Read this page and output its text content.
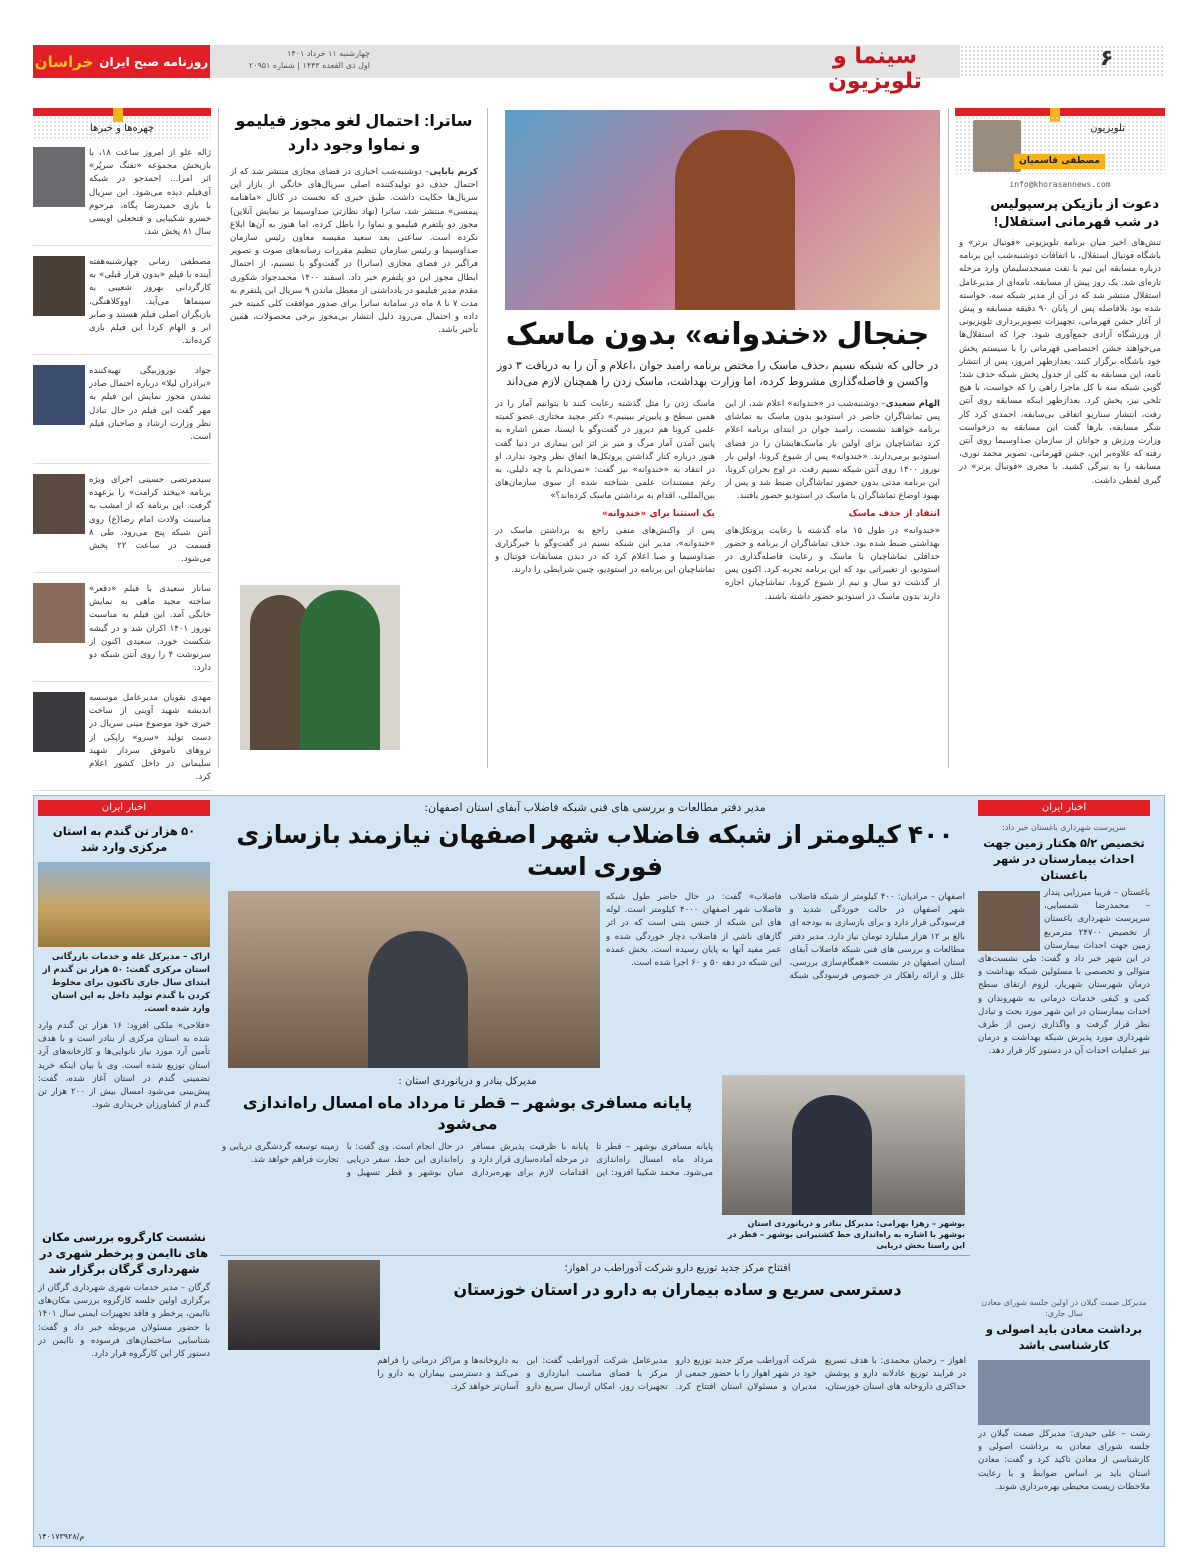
روزنامه صبح ایران
خراسان	چهارشنبه ۱۱ خرداد ۱۴۰۱
اول ذی القعده ۱۴۴۳ | شماره ۲۰۹۵۱	سینما و تلویزیون
۶
تلویزیون
مصطفی قاسمیان
info@khorasannews.com
دعوت از بازیکن پرسپولیس در شب قهرمانی استقلال!
تنش‌های اخیر میان برنامه تلویزیونی «فوتبال برتر» و باشگاه فوتبال استقلال، با اتفاقات دوشنبه‌شب این برنامه درباره مسابقه این تیم با نفت مسجدسلیمان وارد مرحله تازه‌ای شد. یک روز پیش از مسابقه، نامه‌ای از مدیرعامل استقلال منتشر شد که در آن از مدیر شبکه سه، خواسته شده بود بلافاصله پس از پایان ۹۰ دقیقه مسابقه و پیش از آغاز جشن قهرمانی، تجهیزات تصویربرداری تلویزیونی از ورزشگاه آزادی جمع‌آوری شود. چرا که استقلال‌ها می‌خواهند جشن اختصاصی قهرمانی را با سیستم پخش خود باشگاه برگزار کنند. بعدازظهر امروز، پس از انتشار نامه، این مسابقه به کلی از جدول پخش شبکه حذف شد؛ گویی شبکه سه با کل ماجرا راهی را که خواست، با هیچ تلخی نیز، پخش کرد. بعدازظهر اینکه مسابقه روی آنتن رفت، انتشار سناریو اتفاقی بی‌سابقه، احمدی کرد کار شگر مسابقه، بارها گفت این مسابقه به درخواست وزارت ورزش و جوانان از سازمان صداوسیما روی آنتن رفته که علاوه‌بر این، جشن قهرمانی، تصویر محمد نوری، مسابقه را به تیرگی کشید. با مجری «فوتبال برتر» در گیری لفظی داشت.
جنجال «خندوانه» بدون ماسک
در حالی که شبکه نسیم ،حذف ماسک را مختص برنامه رامبد جوان ،اعلام و آن را به دریافت ۳ دوز واکسن و فاصله‌گذاری مشروط کرده، اما وزارت بهداشت، ماسک زدن را همچنان لازم می‌داند
الهام سعیدی– دوشنبه‌شب در «خندوانه» اعلام شد، از این پس تماشاگران حاضر در استودیو بدون ماسک به تماشای برنامه خواهند نشست. رامبد جوان در ابتدای برنامه اعلام کرد تماشاچیان برای اولین بار ماسک‌هایشان را در فضای استودیو برمی‌دارند. «خندوانه» پس از شیوع کرونا، اولین بار نوروز ۱۴۰۰ روی آنتن شبکه نسیم رفت. در اوج بحران کرونا، این برنامه مدتی بدون حضور تماشاگران ضبط شد و پس از بهبود اوضاع تماشاگران با ماسک در استودیو حضور یافتند.
انتقاد از حذف ماسک
«خندوانه» در طول ۱۵ ماه گذشته با رعایت پروتکل‌های بهداشتی ضبط شده بود. حذف تماشاگران از برنامه و حضور حداقلی تماشاچیان با ماسک و رعایت فاصله‌گذاری در استودیو، از تغییراتی بود که این برنامه تجربه کرد. اکنون پس از گذشت دو سال و نیم از شیوع کرونا، تماشاچیان اجازه دارند بدون ماسک در استودیو حضور داشته باشند.
ماسک زدن را مثل گذشته رعایت کنند تا بتوانیم آمار را در همین سطح و پایین‌تر ببینیم.» دکتر مجید مختاری عضو کمیته علمی کرونا هم دیروز در گفت‌وگو با ایسنا، ضمن اشاره به پایین آمدن آمار مرگ و میر بر اثر این بیماری در دنیا گفت هنوز درباره کنار گذاشتن پروتکل‌ها اتفاق نظر وجود ندارد. او در انتقاد به «خندوانه» نیز گفت: «نمی‌دانم با چه دلیلی، به رغم مستندات علمی شناخته شده از سوی سازمان‌های بین‌المللی، اقدام به برداشتن ماسک کرده‌اند؟»
یک استثنا برای «خندوانه»
پس از واکنش‌های منفی راجع به برداشتن ماسک در «خندوانه»، مدیر این شبکه نسیم در گفت‌وگو با خبرگزاری صداوسیما و صبا اعلام کرد که در دیدن مسابقات فوتبال و تماشاچیان این برنامه در استودیو، چنین شرایطی را دارند.
ساترا: احتمال لغو مجوز فیلیمو و نماوا وجود دارد
کریم بابایی– دوشنبه‌شب اخباری در فضای مجازی منتشر شد که از احتمال حذف دو تولیدکننده اصلی سریال‌های خانگی از بازار این سریال‌ها حکایت داشت. طبق خبری که نخست در کانال «ماهنامه پیمسی» منتشر شد، ساترا (نهاد نظارتی صداوسیما بر نمایش آنلاین) مجوز دو پلتفرم فیلیمو و نماوا را باطل کرده، اما هنوز به آن‌ها ابلاغ نکرده است. ساعتی بعد سعید مقیسه معاون رئیس سازمان صداوسیما و رئیس سازمان تنظیم مقررات رسانه‌های صوت و تصویر فراگیر در فضای مجازی (ساترا) در گفت‌وگو با تسنیم، از احتمال ابطال مجوز این دو پلتفرم خبر داد. اسفند ۱۴۰۰ محمدجواد شکوری مقدم مدیر فیلیمو در یادداشتی از معطل ماندن ۹ سریال این پلتفرم به مدت ۷ تا ۸ ماه در سامانه ساترا برای صدور موافقت کلی کمیته خبر داده و احتمال می‌رود دلیل انتشار بی‌مجوز برخی محصولات، همین تأخیر باشد.
چهره‌ها و خبرها
ژاله علو از امروز ساعت ۱۸، با بازپخش مجموعه «تفنگ سرپُر» اثر امرا... احمدجو در شبکه آی‌فیلم دیده می‌شود. این سریال با بازی حمیدرضا پگاه، مرحوم خسرو شکیبایی و فتحعلی اویسی سال ۸۱ پخش شد.
مصطفی زمانی چهارشنبه‌هفته آینده با فیلم «بدون قرار قبلی» به کارگردانی بهروز شعیبی به سینماها می‌آید. اووکلاهنگی، بازیگران اصلی فیلم هستند و صابر ابر و الهام کردا این فیلم بازی کرده‌اند.
جواد نوروزبیگی تهیه‌کننده «برادران لیلا» درباره احتمال صادر نشدن مجوز نمایش این فیلم به مهر گفت این فیلم در حال تبادل نظر وزارت ارشاد و صاحبان فیلم است.
سیدمرتضی حسینی اجرای ویژه برنامه «بیخند کرامت» را برعهده گرفت. این برنامه که از امشب به مناسبت ولادت امام رضا(ع) روی آنتن شبکه پنج می‌رود، طی ۸ قسمت در ساعت ۲۲ پخش می‌شود.
ساناز سعیدی با فیلم «دقعر» ساخته مجید ماهی به نمایش خانگی آمد. این فیلم به مناسبت نوروز ۱۴۰۱ اکران شد و در گیشه شکست خورد. سعیدی اکنون از سرنوشت ۴ را روی آنتن شبکه دو دارد.
مهدی نقویان مدیرعامل موسسه اندیشه شهید آوینی از ساخت خبری خود موضوع مینی سریال در دست تولید «سرو» راپکی از تروهای ناموفق سردار شهید سلیمانی در داخل کشور اعلام کرد.
اخبار ایران
سرپرست شهرداری باغستان خبر داد:
تخصیص ۵/۲ هکتار زمین جهت احداث بیمارستان در شهر باغستان
باغستان – فریبا میرزایی پندار – محمدرضا شمسایی، سرپرست شهرداری باغستان از تخصیص ۲۴۷۰۰ مترمربع زمین جهت احداث بیمارستان در این شهر خبر داد و گفت: طی نشست‌های متوالی و تخصصی با مسئولین شبکه بهداشت و درمان شهرستان شهریار، لزوم ارتقای سطح کمی و کیفی خدمات درمانی به شهروندان و احداث بیمارستان در این شهر مورد بحث و تبادل نظر قرار گرفت و واگذاری زمین از طرف شهرداری مورد پذیرش شبکه بهداشت و درمان نیز عملیات احداث آن در دستور کار قرار دهد.
مدیرکل صمت گیلان در اولین جلسه شورای معادن سال جاری:
برداشت معادن باید اصولی و کارشناسی باشد
رشت – علی حیدری: مدیرکل صمت گیلان در جلسه شورای معادن به برداشت اصولی و کارشناسی از معادن تاکید کرد و گفت: معادن استان باید بر اساس ضوابط و با رعایت ملاحظات زیست محیطی بهره‌برداری شوند.
اخبار ایران
۵۰ هزار تن گندم به استان مرکزی وارد شد
اراک – مدیرکل غله و خدمات بازرگانی استان مرکزی گفت: ۵۰ هزار تن گندم از ابتدای سال جاری تاکنون برای مخلوط کردن با گندم تولید داخل به این استان وارد شده است.
«فلاحی» ملکی افزود: ۱۶ هزار تن گندم وارد شده به استان مرکزی از بنادر است و با هدف تأمین آرد مورد نیاز نانوایی‌ها و کارخانه‌های آرد استان توزیع شده است. وی با بیان اینکه خرید تضمینی گندم در استان آغاز شده، گفت: پیش‌بینی می‌شود امسال بیش از ۲۰۰ هزار تن گندم از کشاورزان خریداری شود.
نشست کارگروه بررسی مکان های ناایمن و پرخطر شهری در شهرداری گرگان برگزار شد
گرگان – مدیر خدمات شهری شهرداری گرگان از برگزاری اولین جلسه کارگروه بررسی مکان‌های ناایمن، پرخطر و فاقد تجهیزات ایمنی سال ۱۴۰۱ با حضور مسئولان مربوطه خبر داد و گفت: شناسایی ساختمان‌های فرسوده و ناایمن در دستور کار این کارگروه قرار دارد.
۱۴۰۱۷۳۹۲۸/م
مدیر دفتر مطالعات و بررسی های فنی شبکه فاضلاب آبفای استان اصفهان:
۴۰۰ کیلومتر از شبکه فاضلاب شهر اصفهان نیازمند بازسازی فوری است
اصفهان – مرادیان: ۴۰۰ کیلومتر از شبکه فاضلاب شهر اصفهان در حالت خوردگی شدید و فرسودگی قرار دارد و برای بازسازی به بودجه ای بالغ بر ۱۲ هزار میلیارد تومان نیاز دارد. مدیر دفتر مطالعات و بررسی های فنی شبکه فاضلاب آبفای استان اصفهان در نشست «همگام‌سازی بررسی، علل و ارائه راهکار در خصوص فرسودگی شبکه فاضلاب» گفت: در حال حاضر طول شبکه فاضلاب شهر اصفهان ۴۰۰۰ کیلومتر است. لوله های این شبکه از جنس بتنی است که در اثر گازهای ناشی از فاضلاب دچار خوردگی شده و عمر مفید آنها به پایان رسیده است. بخش عمده این شبکه در دهه ۵۰ و ۶۰ اجرا شده است.
مدیرکل بنادر و دریانوردی استان :
پایانه مسافری بوشهر – قطر تا مرداد ماه امسال راه‌اندازی می‌شود
پایانه مسافری بوشهر – قطر تا مرداد ماه امسال راه‌اندازی می‌شود. محمد شکیبا افزود: این پایانه با ظرفیت پذیرش مسافر در مرحله آماده‌سازی قرار دارد و اقدامات لازم برای بهره‌برداری در حال انجام است. وی گفت: با راه‌اندازی این خط، سفر دریایی میان بوشهر و قطر تسهیل و زمینه توسعه گردشگری دریایی و تجارت فراهم خواهد شد.
بوشهر – زهرا بهرامی: مدیرکل بنادر و دریانوردی استان بوشهر با اشاره به راه‌اندازی خط کشتیرانی بوشهر – قطر در این راستا بخش دریایی
افتتاح مرکز جدید توزیع دارو شرکت آدوراطب در اهواز؛
دسترسی سریع و ساده بیماران به دارو در استان خوزستان
اهواز – رحمان محمدی: با هدف تسریع در فرایند توزیع عادلانه دارو و پوشش حداکثری داروخانه های استان خوزستان، شرکت آدوراطب مرکز جدید توزیع دارو خود در شهر اهواز را با حضور جمعی از مدیران و مسئولان استان افتتاح کرد. مدیرعامل شرکت آدوراطب گفت: این مرکز با فضای مناسب انبارداری و تجهیزات روز، امکان ارسال سریع دارو به داروخانه‌ها و مراکز درمانی را فراهم می‌کند و دسترسی بیماران به دارو را آسان‌تر خواهد کرد.
